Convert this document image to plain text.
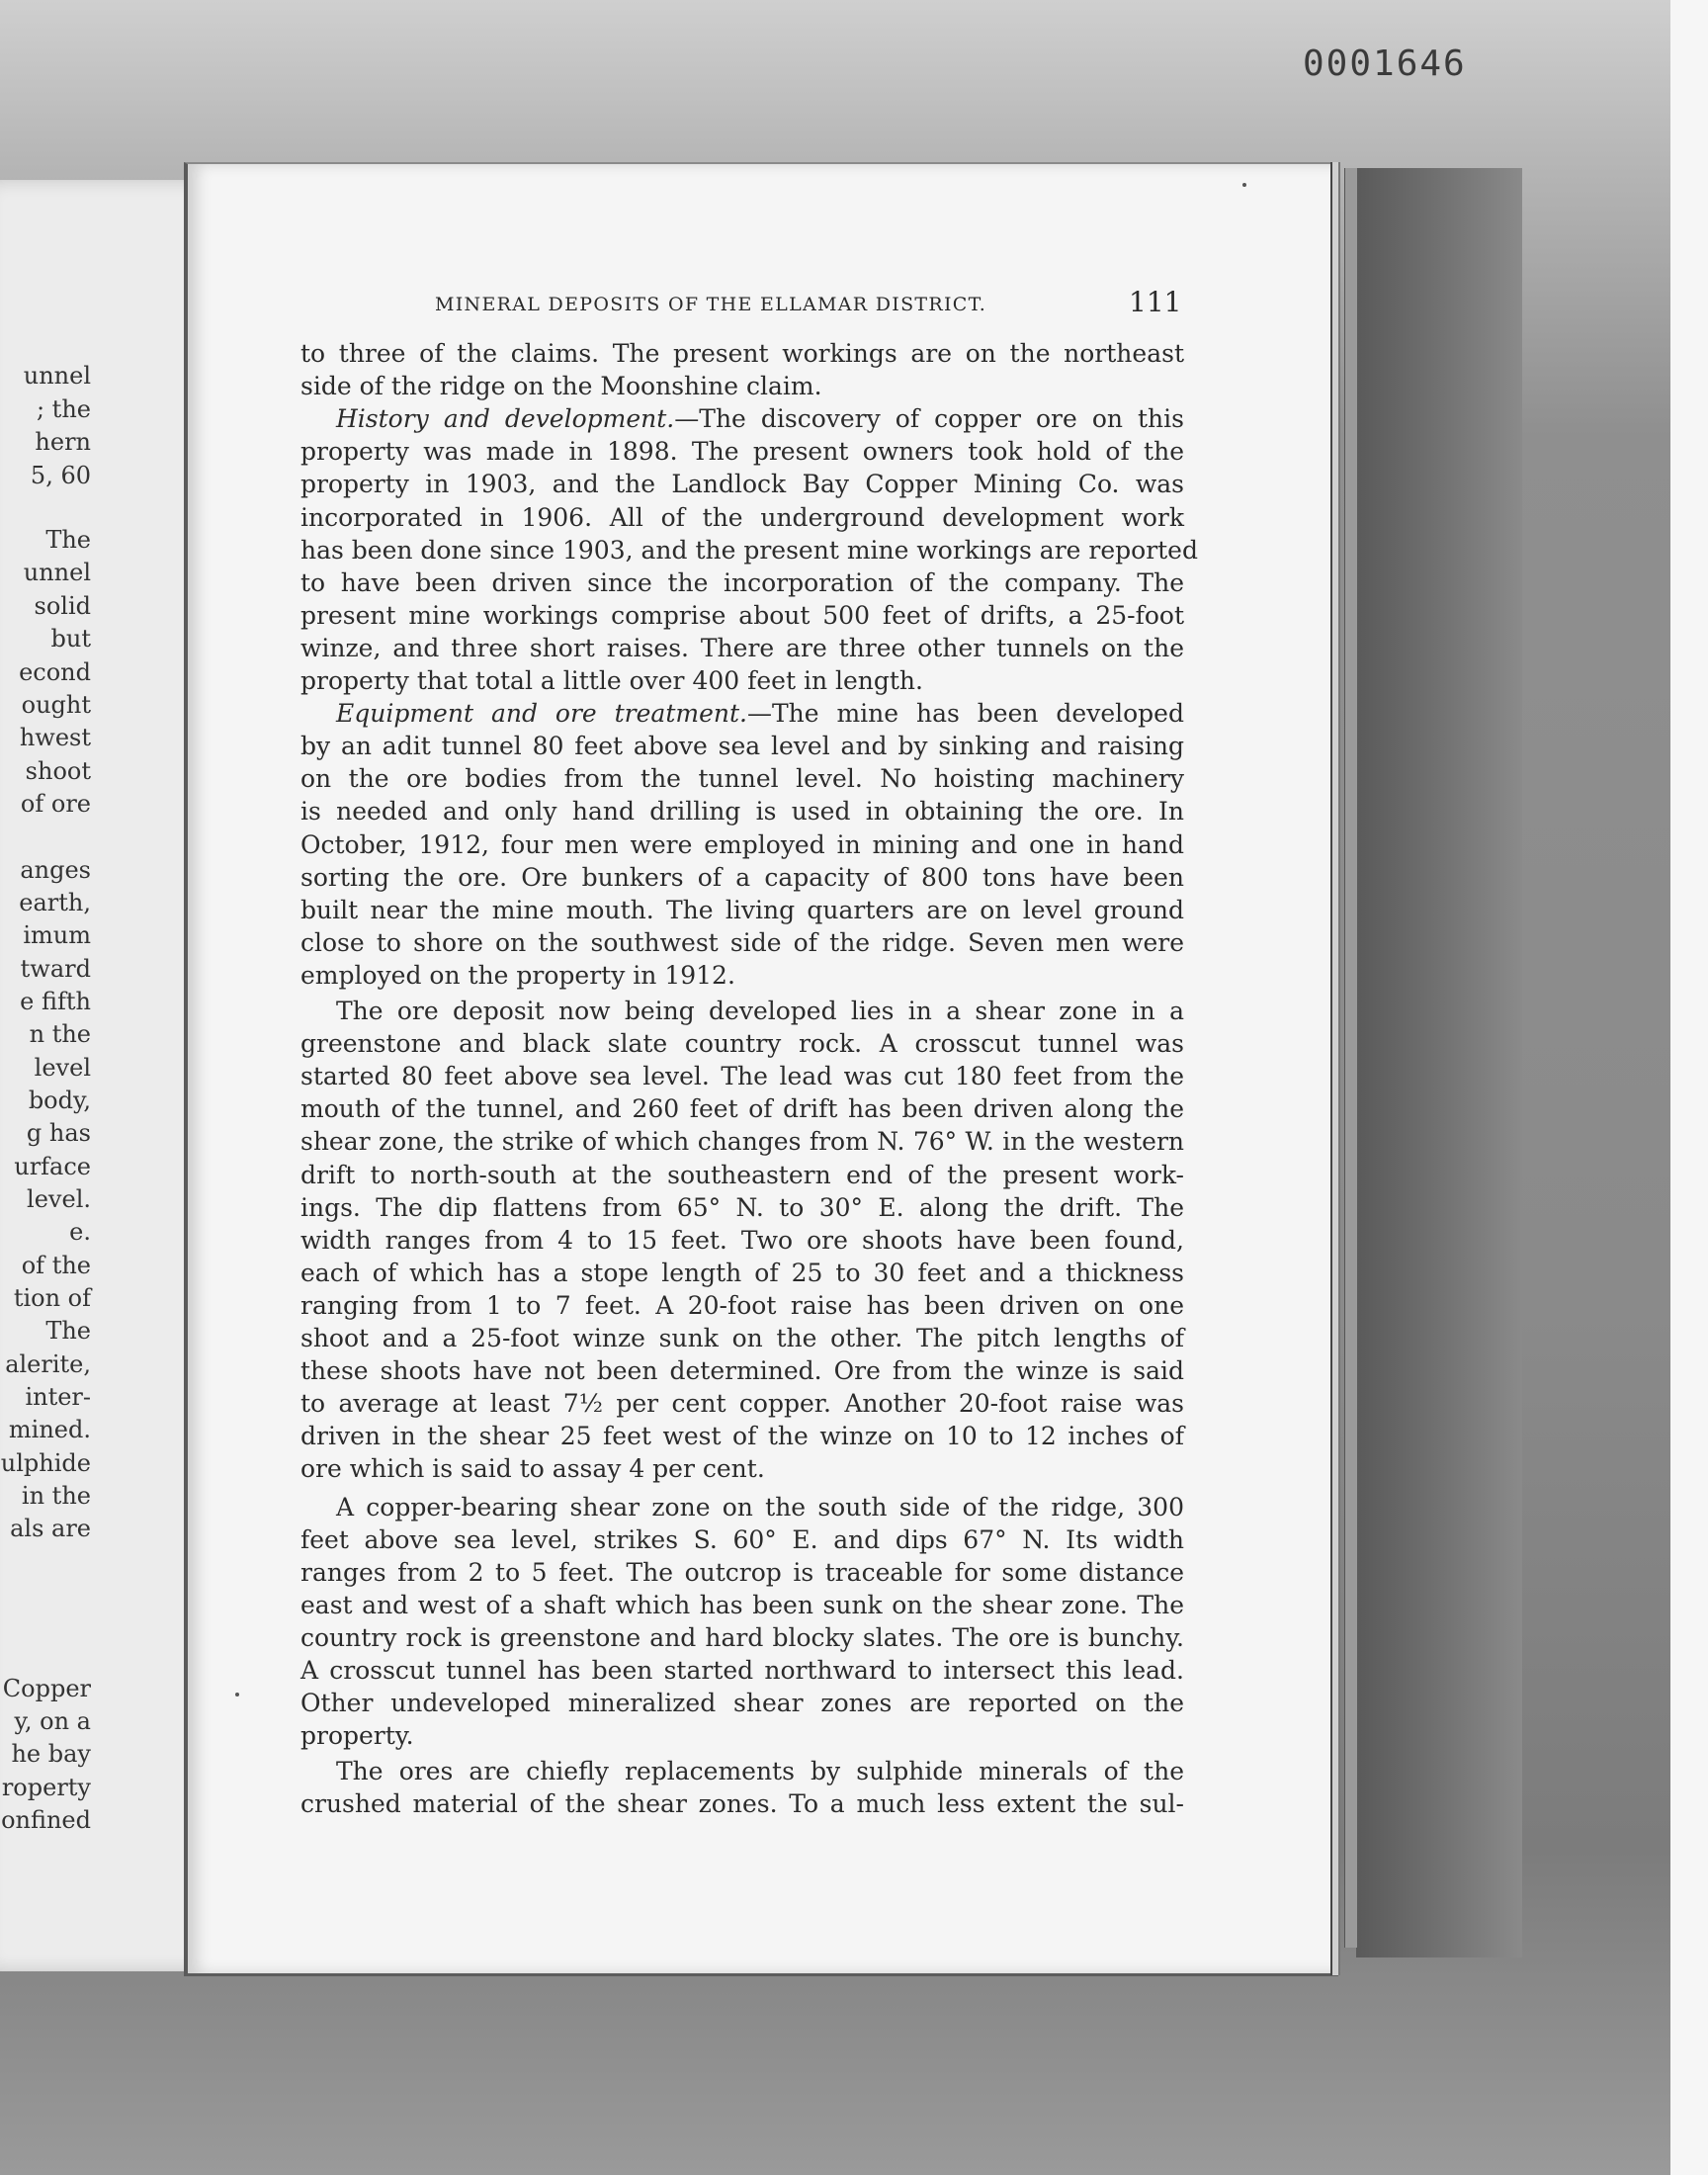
0001646
unnel
; the
hern
5, 60
The
unnel
solid
but
econd
ought
hwest
shoot
of ore
anges
earth,
imum
tward
e fifth
n the
level
body,
g has
urface
level.
e.
of the
tion of
The
alerite,
inter-
mined.
ulphide
in the
als are
Copper
y, on a
he bay
roperty
onfined
MINERAL DEPOSITS OF THE ELLAMAR DISTRICT.	111
to three of the claims. The present workings are on the northeast
side of the ridge on the Moonshine claim.
History and development.—The discovery of copper ore on this
property was made in 1898. The present owners took hold of the
property in 1903, and the Landlock Bay Copper Mining Co. was
incorporated in 1906. All of the underground development work
has been done since 1903, and the present mine workings are reported
to have been driven since the incorporation of the company. The
present mine workings comprise about 500 feet of drifts, a 25-foot
winze, and three short raises. There are three other tunnels on the
property that total a little over 400 feet in length.
Equipment and ore treatment.—The mine has been developed
by an adit tunnel 80 feet above sea level and by sinking and raising
on the ore bodies from the tunnel level. No hoisting machinery
is needed and only hand drilling is used in obtaining the ore. In
October, 1912, four men were employed in mining and one in hand
sorting the ore. Ore bunkers of a capacity of 800 tons have been
built near the mine mouth. The living quarters are on level ground
close to shore on the southwest side of the ridge. Seven men were
employed on the property in 1912.
The ore deposit now being developed lies in a shear zone in a
greenstone and black slate country rock. A crosscut tunnel was
started 80 feet above sea level. The lead was cut 180 feet from the
mouth of the tunnel, and 260 feet of drift has been driven along the
shear zone, the strike of which changes from N. 76° W. in the western
drift to north-south at the southeastern end of the present work-
ings. The dip flattens from 65° N. to 30° E. along the drift. The
width ranges from 4 to 15 feet. Two ore shoots have been found,
each of which has a stope length of 25 to 30 feet and a thickness
ranging from 1 to 7 feet. A 20-foot raise has been driven on one
shoot and a 25-foot winze sunk on the other. The pitch lengths of
these shoots have not been determined. Ore from the winze is said
to average at least 7½ per cent copper. Another 20-foot raise was
driven in the shear 25 feet west of the winze on 10 to 12 inches of
ore which is said to assay 4 per cent.
A copper-bearing shear zone on the south side of the ridge, 300
feet above sea level, strikes S. 60° E. and dips 67° N. Its width
ranges from 2 to 5 feet. The outcrop is traceable for some distance
east and west of a shaft which has been sunk on the shear zone. The
country rock is greenstone and hard blocky slates. The ore is bunchy.
A crosscut tunnel has been started northward to intersect this lead.
Other undeveloped mineralized shear zones are reported on the
property.
The ores are chiefly replacements by sulphide minerals of the
crushed material of the shear zones. To a much less extent the sul-
